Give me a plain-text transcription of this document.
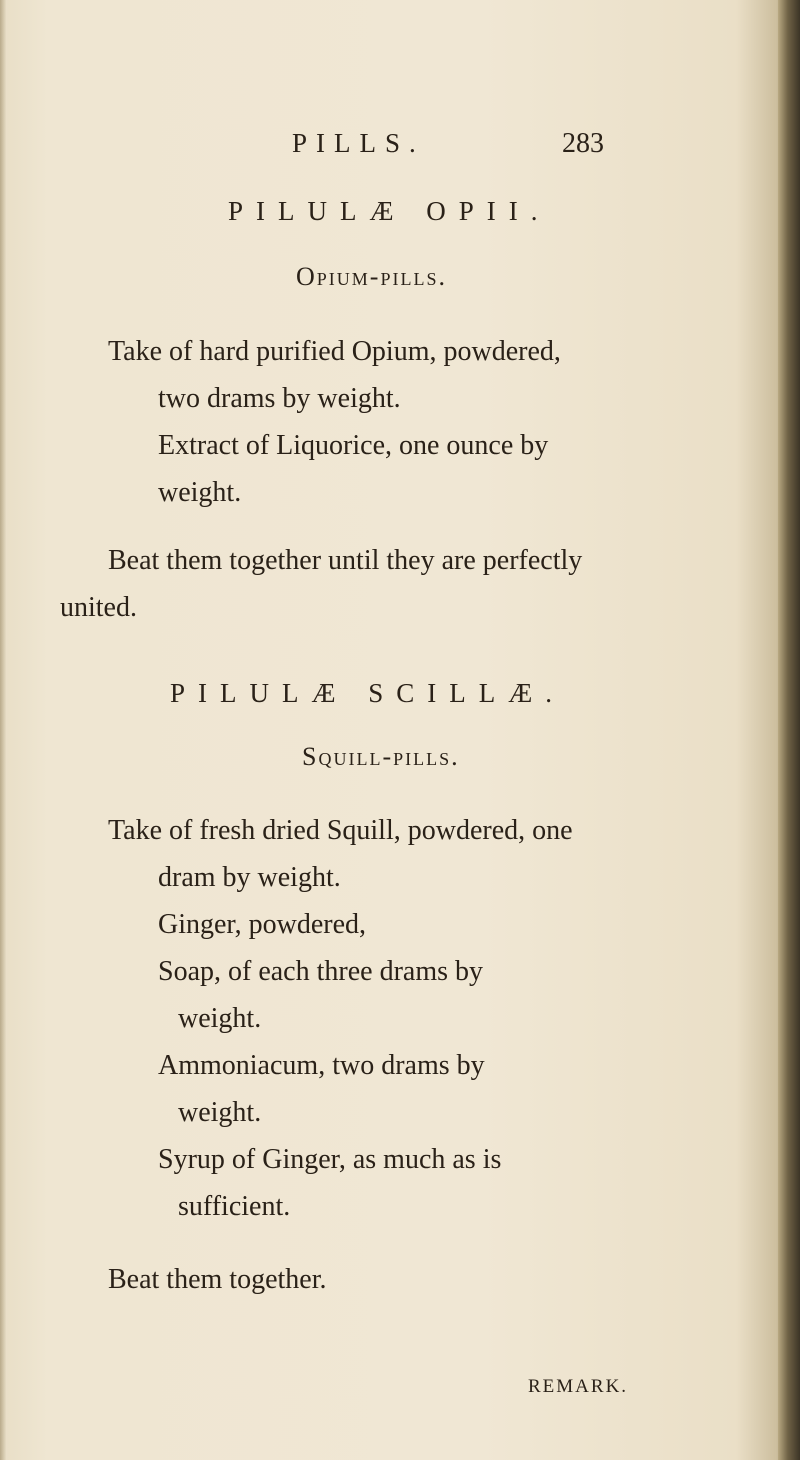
PILLS.	283
PILULÆ OPII.
Opium-pills.
Take of hard purified Opium, powdered,
two drams by weight.
Extract of Liquorice, one ounce by
weight.
Beat them together until they are perfectly
united.
PILULÆ SCILLÆ.
Squill-pills.
Take of fresh dried Squill, powdered, one
dram by weight.
Ginger, powdered,
Soap, of each three drams by
weight.
Ammoniacum, two drams by
weight.
Syrup of Ginger, as much as is
sufficient.
Beat them together.
REMARK.
